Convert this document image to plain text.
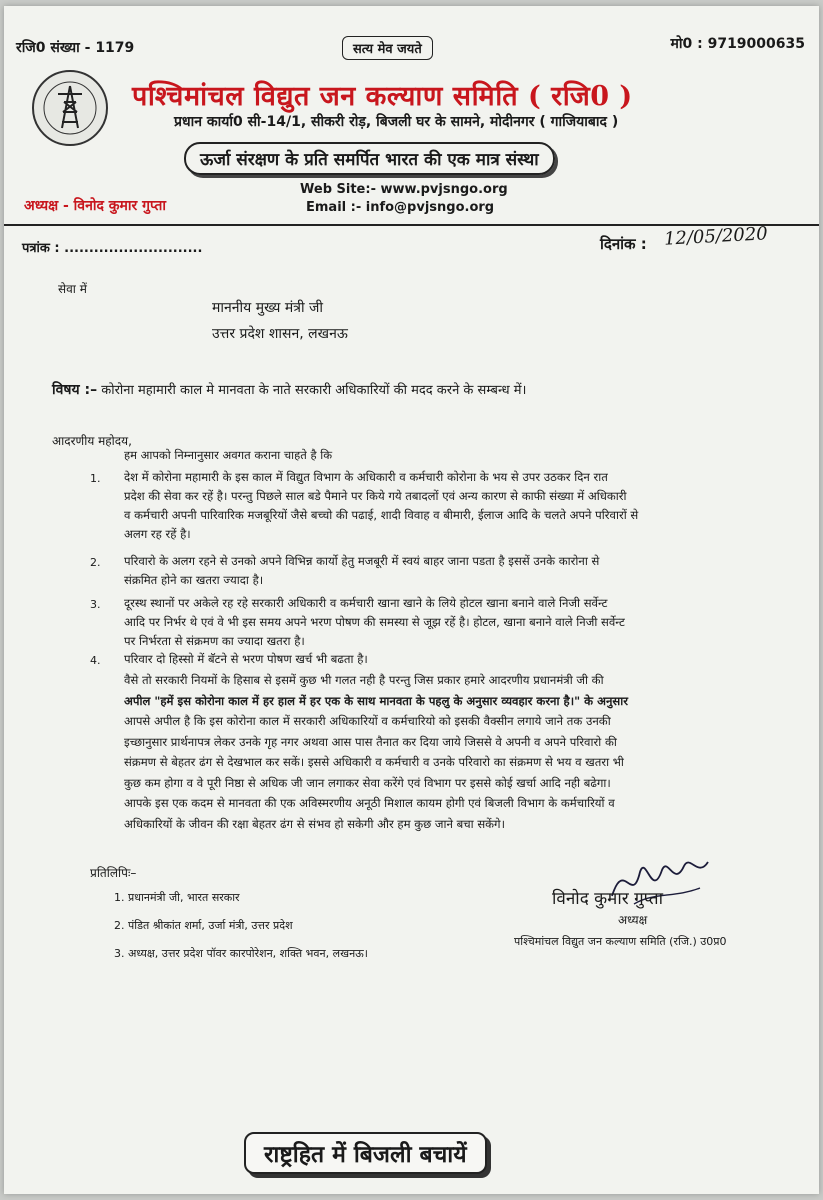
रजि0 संख्या - 1179	सत्य मेव जयते	मो0 : 9719000635
पश्चिमांचल विद्युत जन कल्याण समिति ( रजि0 )
प्रधान कार्या0 सी-14/1, सीकरी रोड़, बिजली घर के सामने, मोदीनगर ( गाजियाबाद )
ऊर्जा संरक्षण के प्रति समर्पित भारत की एक मात्र संस्था
अध्यक्ष - विनोद कुमार गुप्ता
Web Site:- www.pvjsngo.org
Email :- info@pvjsngo.org
पत्रांक : ............................	दिनांक : 12/05/2020
सेवा में
माननीय मुख्य मंत्री जी
उत्तर प्रदेश शासन, लखनऊ
विषय :– कोरोना महामारी काल मे मानवता के नाते सरकारी अधिकारियों की मदद करने के सम्बन्ध में।
आदरणीय महोदय,
हम आपको निम्नानुसार अवगत कराना चाहते है कि
1. देश में कोरोना महामारी के इस काल में विद्युत विभाग के अधिकारी व कर्मचारी कोरोना के भय से उपर उठकर दिन रात
प्रदेश की सेवा कर रहें है। परन्तु पिछले साल बडे पैमाने पर किये गये तबादलों एवं अन्य कारण से काफी संख्या में अधिकारी
व कर्मचारी अपनी पारिवारिक मजबूरियों जैसे बच्चो की पढाई, शादी विवाह व बीमारी, ईलाज आदि के चलते अपने परिवारों से
अलग रह रहें है।
2. परिवारो के अलग रहने से उनको अपने विभिन्न कार्यो हेतु मजबूरी में स्वयं बाहर जाना पडता है इससें उनके कारोना से
संक्रमित होने का खतरा ज्यादा है।
3. दूरस्थ स्थानों पर अकेले रह रहे सरकारी अधिकारी व कर्मचारी खाना खाने के लिये होटल खाना बनाने वाले निजी सर्वेन्ट
आदि पर निर्भर थे एवं वे भी इस समय अपने भरण पोषण की समस्या से जूझ रहें है। होटल, खाना बनाने वाले निजी सर्वेन्ट
पर निर्भरता से संक्रमण का ज्यादा खतरा है।
4. परिवार दो हिस्सो में बॅटने से भरण पोषण खर्च भी बढता है।
वैसे तो सरकारी नियमों के हिसाब से इसमें कुछ भी गलत नही है परन्तु जिस प्रकार हमारे आदरणीय प्रधानमंत्री जी की
अपील "हमें इस कोरोना काल में हर हाल में हर एक के साथ मानवता के पहलु के अनुसार व्यवहार करना है।" के अनुसार
आपसे अपील है कि इस कोरोना काल में सरकारी अधिकारियों व कर्मचारियो को इसकी वैक्सीन लगाये जाने तक उनकी
इच्छानुसार प्रार्थनापत्र लेकर उनके गृह नगर अथवा आस पास तैनात कर दिया जाये जिससे वे अपनी व अपने परिवारो की
संक्रमण से बेहतर ढंग से देखभाल कर सकें। इससे अधिकारी व कर्मचारी व उनके परिवारो का संक्रमण से भय व खतरा भी
कुछ कम होगा व वे पूरी निष्ठा से अधिक जी जान लगाकर सेवा करेंगे एवं विभाग पर इससे कोई खर्चा आदि नही बढेगा।
आपके इस एक कदम से मानवता की एक अविस्मरणीय अनूठी मिशाल कायम होगी एवं बिजली विभाग के कर्मचारियों व
अधिकारियों के जीवन की रक्षा बेहतर ढंग से संभव हो सकेगी और हम कुछ जाने बचा सकेंगे।
प्रतिलिपिः–
1. प्रधानमंत्री जी, भारत सरकार
2. पंडित श्रीकांत शर्मा, उर्जा मंत्री, उत्तर प्रदेश
3. अध्यक्ष, उत्तर प्रदेश पॉवर कारपोरेशन, शक्ति भवन, लखनऊ।
विनोद कुमार गुप्ता
अध्यक्ष
पश्चिमांचल विद्युत जन कल्याण समिति (रजि.) उ0प्र0
राष्ट्रहित में बिजली बचायें
